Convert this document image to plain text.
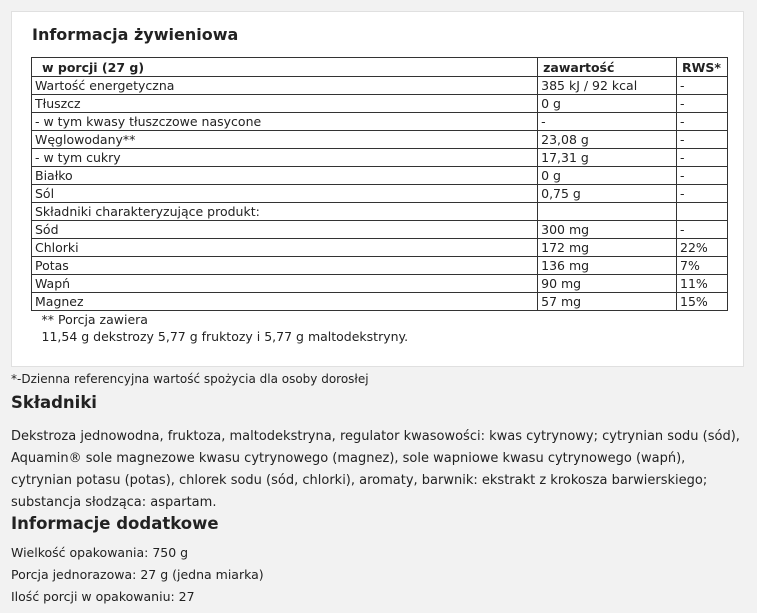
Informacja żywieniowa
w porcji (27 g)	zawartość	RWS*
Wartość energetyczna	385 kJ / 92 kcal	-
Tłuszcz	0 g	-
- w tym kwasy tłuszczowe nasycone	-	-
Węglowodany**	23,08 g	-
- w tym cukry	17,31 g	-
Białko	0 g	-
Sól	0,75 g	-
Składniki charakteryzujące produkt:		
Sód	300 mg	-
Chlorki	172 mg	22%
Potas	136 mg	7%
Wapń	90 mg	11%
Magnez	57 mg	15%
** Porcja zawiera
11,54 g dekstrozy 5,77 g fruktozy i 5,77 g maltodekstryny.		
*-Dzienna referencyjna wartość spożycia dla osoby dorosłej
Składniki
Dekstroza jednowodna, fruktoza, maltodekstryna, regulator kwasowości: kwas cytrynowy; cytrynian sodu (sód), Aquamin® sole magnezowe kwasu cytrynowego (magnez), sole wapniowe kwasu cytrynowego (wapń), cytrynian potasu (potas), chlorek sodu (sód, chlorki), aromaty, barwnik: ekstrakt z krokosza barwierskiego; substancja słodząca: aspartam.
Informacje dodatkowe
Wielkość opakowania: 750 g
Porcja jednorazowa: 27 g (jedna miarka)
Ilość porcji w opakowaniu: 27
